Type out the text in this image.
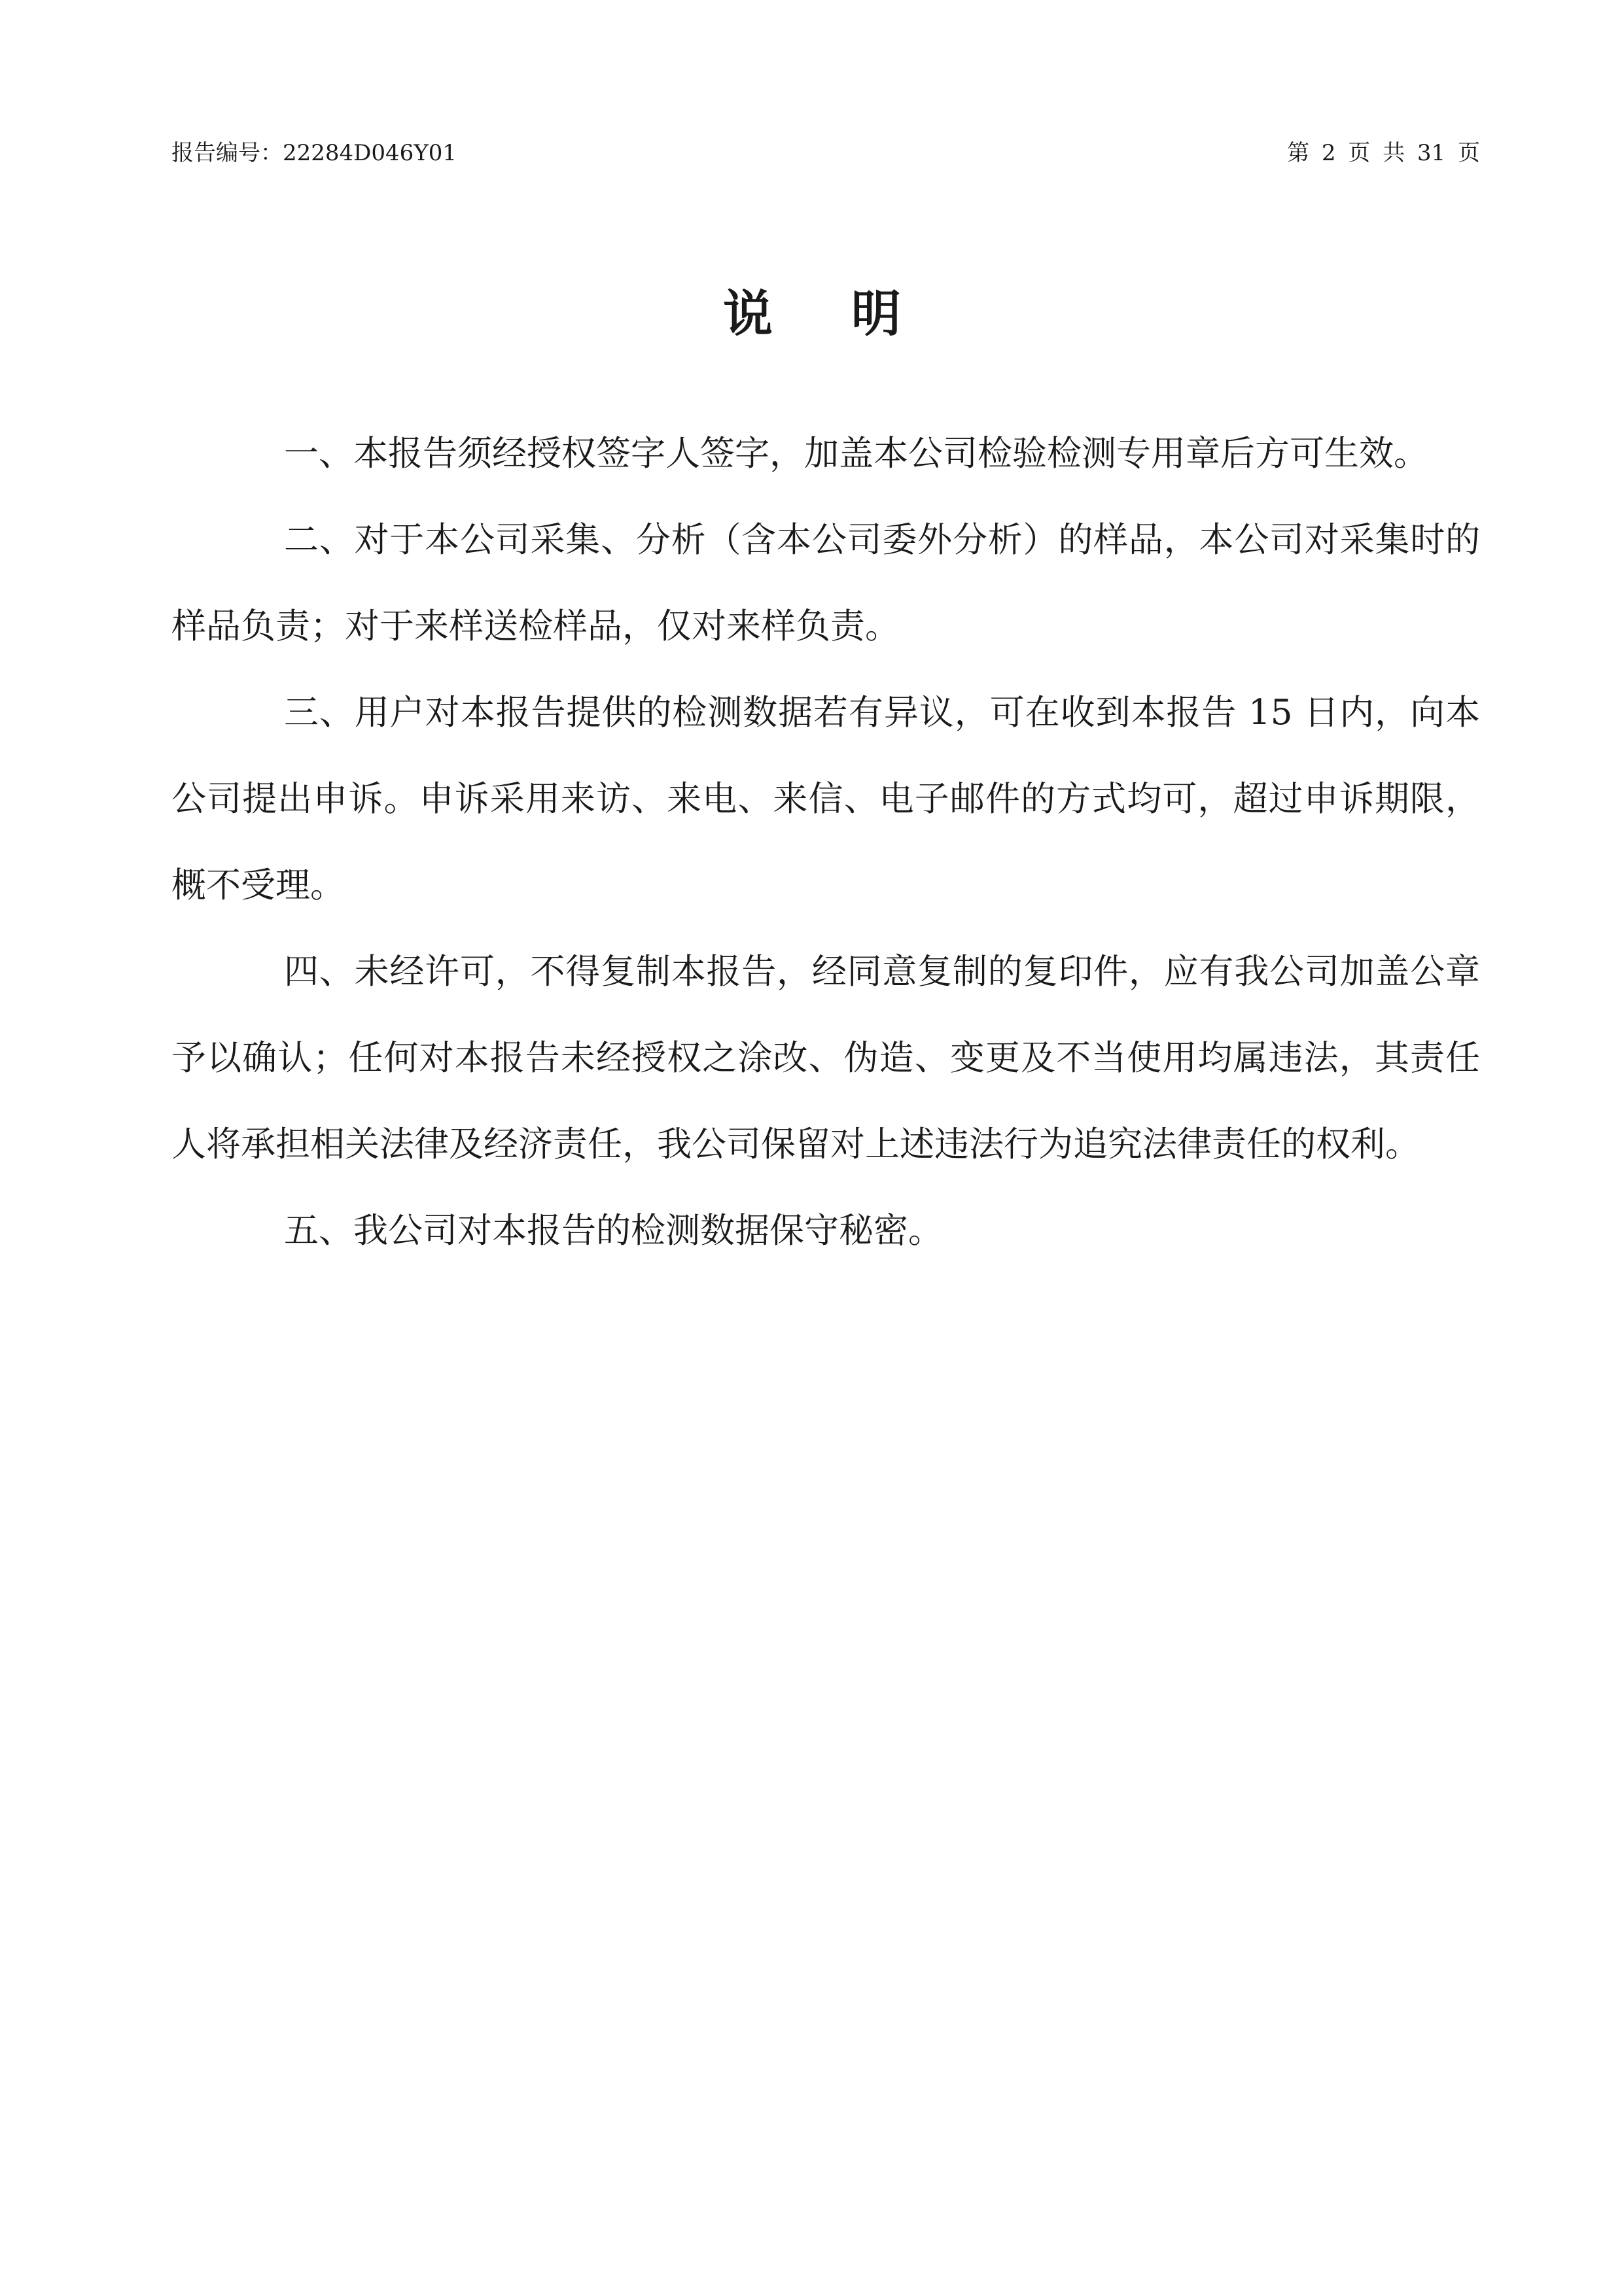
报告编号：22284D046Y01	第 2 页 共 31 页
说明

一、本报告须经授权签字人签字，加盖本公司检验检测专用章后方可生效。

二、对于本公司采集、分析（含本公司委外分析）的样品，本公司对采集时的样品负责；对于来样送检样品，仅对来样负责。

三、用户对本报告提供的检测数据若有异议，可在收到本报告 15 日内，向本公司提出申诉。申诉采用来访、来电、来信、电子邮件的方式均可，超过申诉期限，概不受理。

四、未经许可，不得复制本报告，经同意复制的复印件，应有我公司加盖公章予以确认；任何对本报告未经授权之涂改、伪造、变更及不当使用均属违法，其责任人将承担相关法律及经济责任，我公司保留对上述违法行为追究法律责任的权利。

五、我公司对本报告的检测数据保守秘密。
